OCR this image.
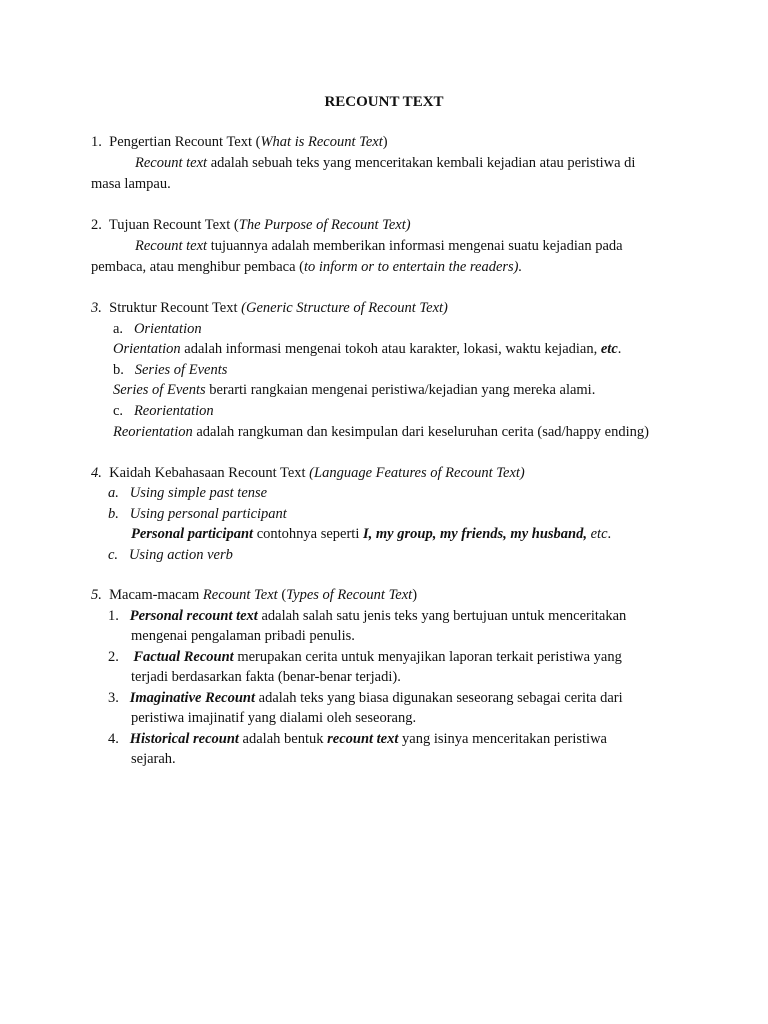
RECOUNT TEXT
1. Pengertian Recount Text (What is Recount Text)
Recount text adalah sebuah teks yang menceritakan kembali kejadian atau peristiwa di
masa lampau.
2. Tujuan Recount Text (The Purpose of Recount Text)
Recount text tujuannya adalah memberikan informasi mengenai suatu kejadian pada
pembaca, atau menghibur pembaca (to inform or to entertain the readers).
3. Struktur Recount Text (Generic Structure of Recount Text)
a. Orientation
Orientation adalah informasi mengenai tokoh atau karakter, lokasi, waktu kejadian, etc.
b. Series of Events
Series of Events berarti rangkaian mengenai peristiwa/kejadian yang mereka alami.
c. Reorientation
Reorientation adalah rangkuman dan kesimpulan dari keseluruhan cerita (sad/happy ending)
4. Kaidah Kebahasaan Recount Text (Language Features of Recount Text)
a. Using simple past tense
b. Using personal participant
Personal participant contohnya seperti I, my group, my friends, my husband, etc.
c. Using action verb
5. Macam-macam Recount Text (Types of Recount Text)
1. Personal recount text adalah salah satu jenis teks yang bertujuan untuk menceritakan
mengenai pengalaman pribadi penulis.
2. Factual Recount merupakan cerita untuk menyajikan laporan terkait peristiwa yang
terjadi berdasarkan fakta (benar-benar terjadi).
3. Imaginative Recount adalah teks yang biasa digunakan seseorang sebagai cerita dari
peristiwa imajinatif yang dialami oleh seseorang.
4. Historical recount adalah bentuk recount text yang isinya menceritakan peristiwa
sejarah.
